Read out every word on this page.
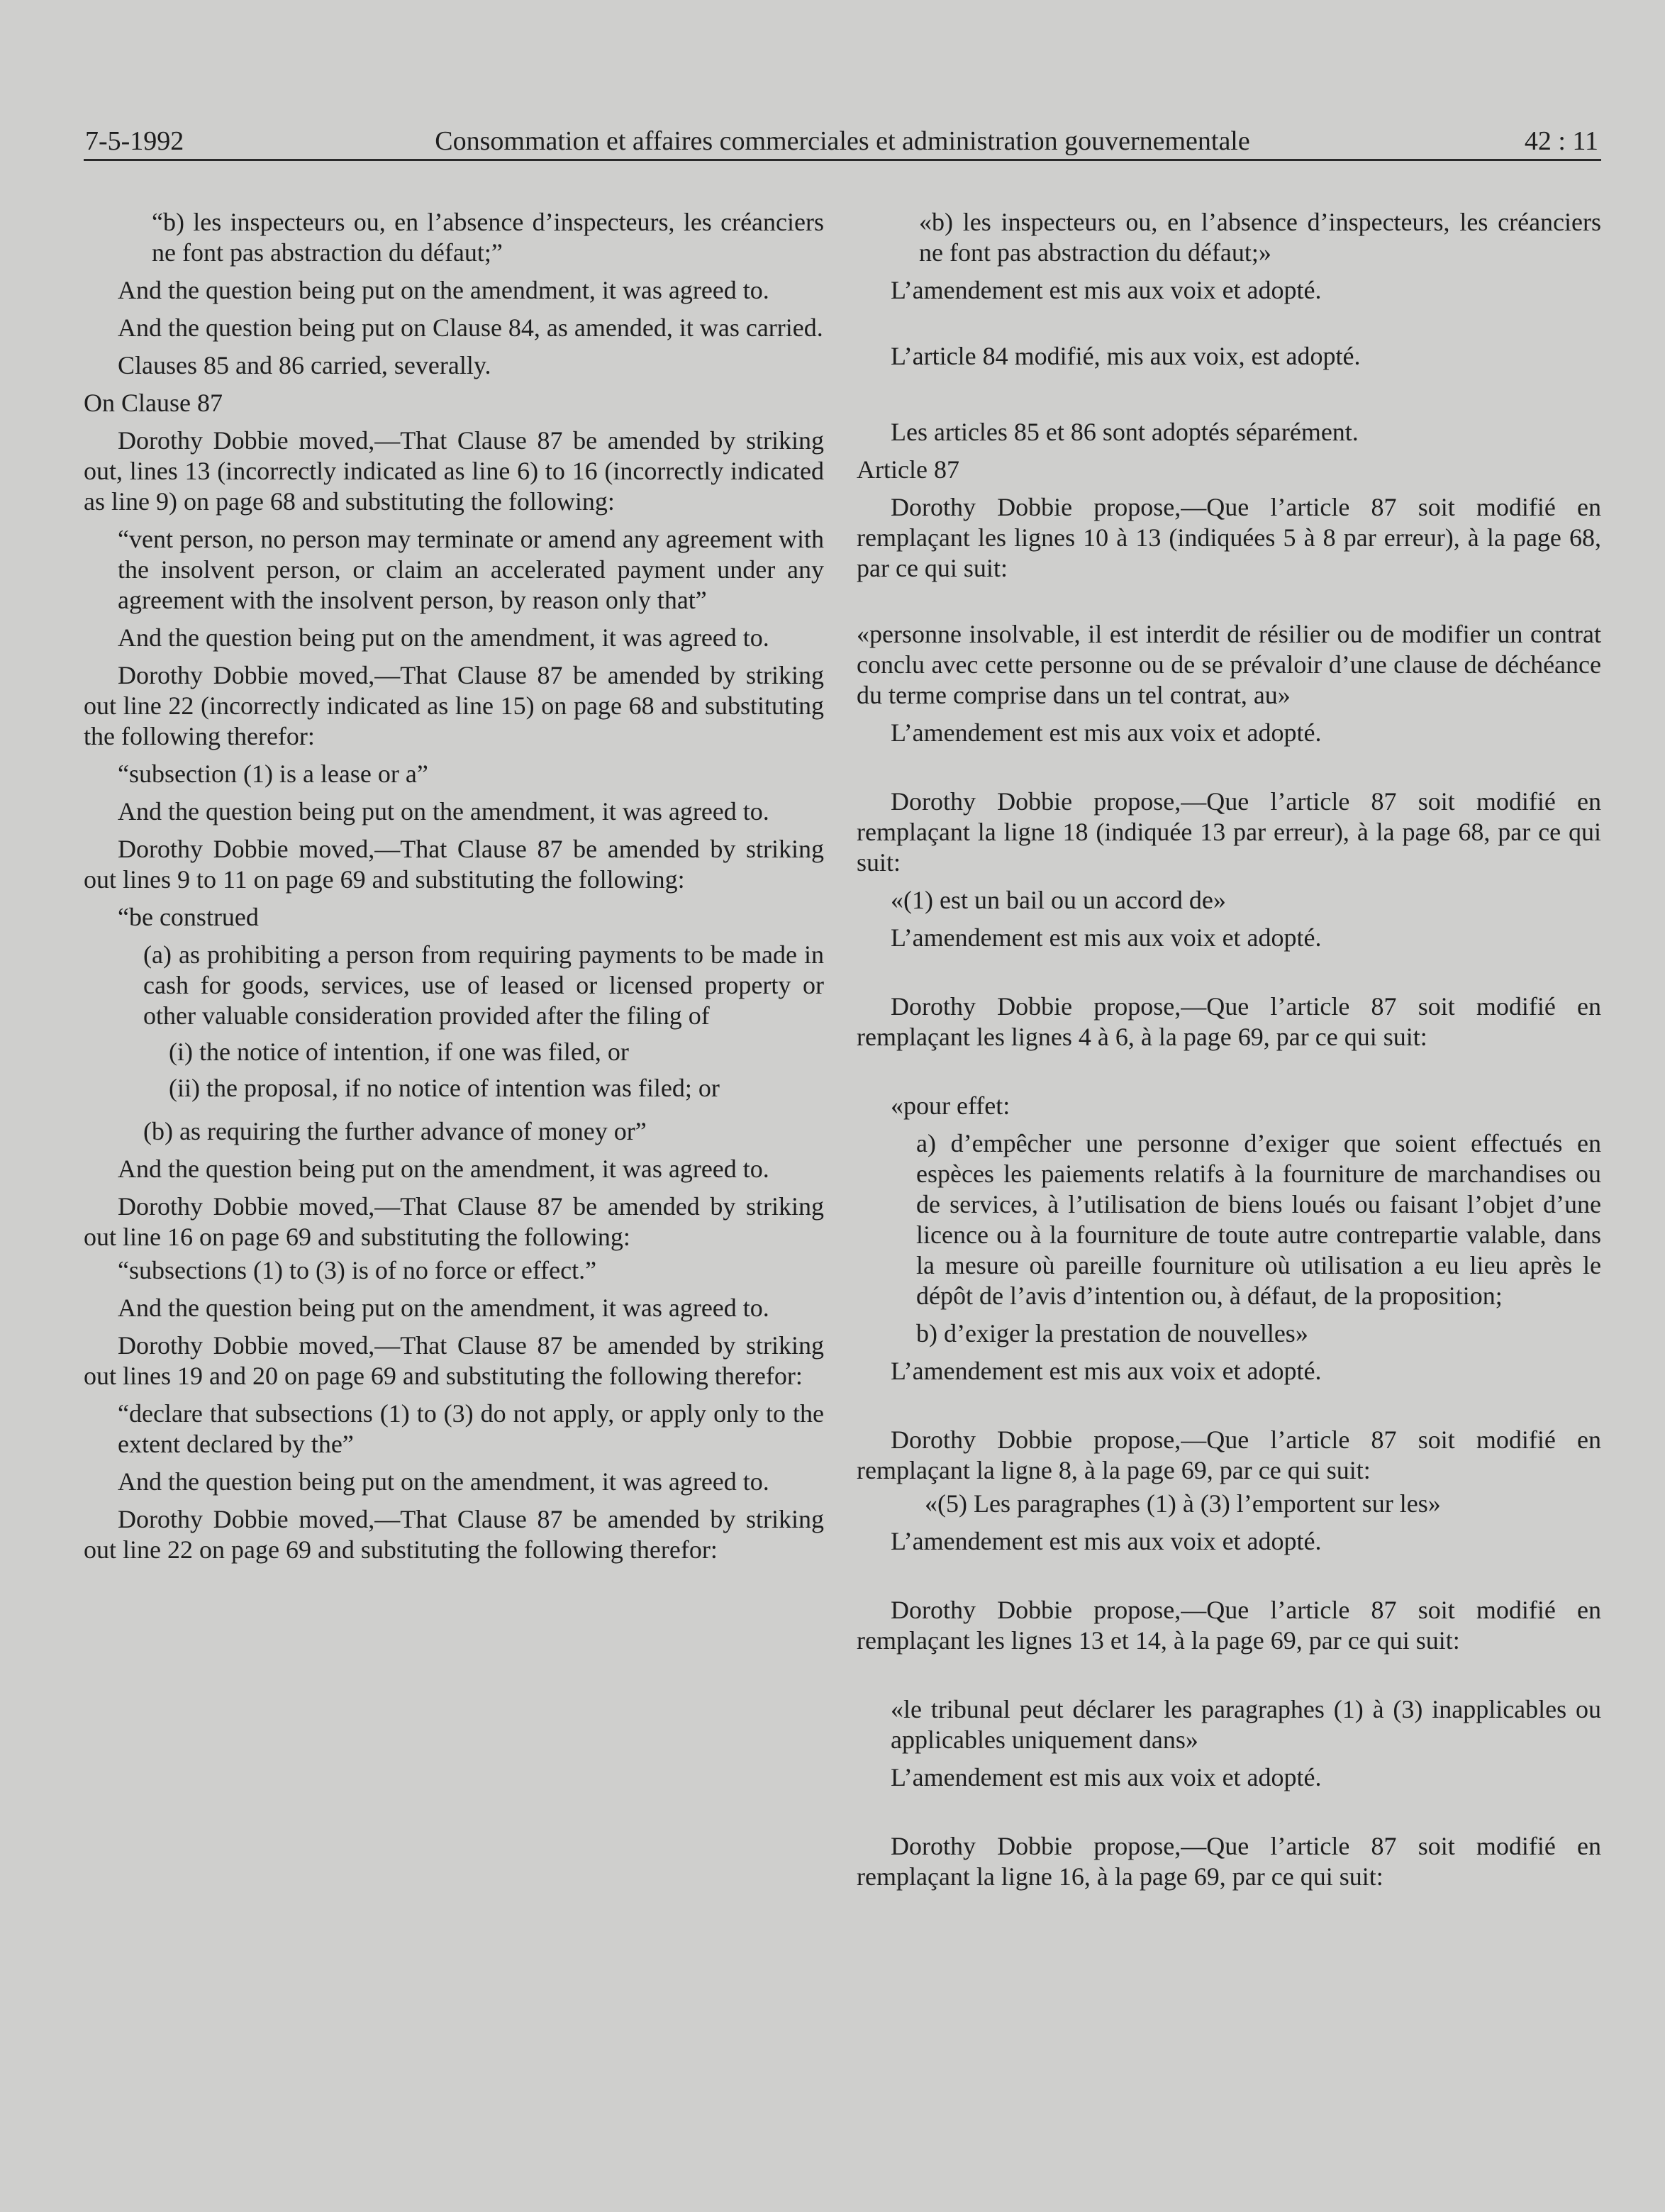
7-5-1992	Consommation et affaires commerciales et administration gouvernementale	42 : 11

“b) les inspecteurs ou, en l’absence d’inspecteurs, les créanciers ne font pas abstraction du défaut;”

And the question being put on the amendment, it was agreed to.

And the question being put on Clause 84, as amended, it was carried.

Clauses 85 and 86 carried, severally.

On Clause 87

Dorothy Dobbie moved,—That Clause 87 be amended by striking out, lines 13 (incorrectly indicated as line 6) to 16 (incorrectly indicated as line 9) on page 68 and substituting the following:

“vent person, no person may terminate or amend any agreement with the insolvent person, or claim an accelerated payment under any agreement with the insolvent person, by reason only that”

And the question being put on the amendment, it was agreed to.

Dorothy Dobbie moved,—That Clause 87 be amended by striking out line 22 (incorrectly indicated as line 15) on page 68 and substituting the following therefor:

“subsection (1) is a lease or a”

And the question being put on the amendment, it was agreed to.

Dorothy Dobbie moved,—That Clause 87 be amended by striking out lines 9 to 11 on page 69 and substituting the following:

“be construed

(a) as prohibiting a person from requiring payments to be made in cash for goods, services, use of leased or licensed property or other valuable consideration provided after the filing of

(i) the notice of intention, if one was filed, or

(ii) the proposal, if no notice of intention was filed; or

(b) as requiring the further advance of money or”

And the question being put on the amendment, it was agreed to.

Dorothy Dobbie moved,—That Clause 87 be amended by striking out line 16 on page 69 and substituting the following:

“subsections (1) to (3) is of no force or effect.”

And the question being put on the amendment, it was agreed to.

Dorothy Dobbie moved,—That Clause 87 be amended by striking out lines 19 and 20 on page 69 and substituting the following therefor:

“declare that subsections (1) to (3) do not apply, or apply only to the extent declared by the”

And the question being put on the amendment, it was agreed to.

Dorothy Dobbie moved,—That Clause 87 be amended by striking out line 22 on page 69 and substituting the following therefor:

«b) les inspecteurs ou, en l’absence d’inspecteurs, les créanciers ne font pas abstraction du défaut;»

L’amendement est mis aux voix et adopté.

L’article 84 modifié, mis aux voix, est adopté.

Les articles 85 et 86 sont adoptés séparément.

Article 87

Dorothy Dobbie propose,—Que l’article 87 soit modifié en remplaçant les lignes 10 à 13 (indiquées 5 à 8 par erreur), à la page 68, par ce qui suit:

«personne insolvable, il est interdit de résilier ou de modifier un contrat conclu avec cette personne ou de se prévaloir d’une clause de déchéance du terme comprise dans un tel contrat, au»

L’amendement est mis aux voix et adopté.

Dorothy Dobbie propose,—Que l’article 87 soit modifié en remplaçant la ligne 18 (indiquée 13 par erreur), à la page 68, par ce qui suit:

«(1) est un bail ou un accord de»

L’amendement est mis aux voix et adopté.

Dorothy Dobbie propose,—Que l’article 87 soit modifié en remplaçant les lignes 4 à 6, à la page 69, par ce qui suit:

«pour effet:

a) d’empêcher une personne d’exiger que soient effectués en espèces les paiements relatifs à la fourniture de marchandises ou de services, à l’utilisation de biens loués ou faisant l’objet d’une licence ou à la fourniture de toute autre contrepartie valable, dans la mesure où pareille fourniture où utilisation a eu lieu après le dépôt de l’avis d’intention ou, à défaut, de la proposition;

b) d’exiger la prestation de nouvelles»

L’amendement est mis aux voix et adopté.

Dorothy Dobbie propose,—Que l’article 87 soit modifié en remplaçant la ligne 8, à la page 69, par ce qui suit:

«(5) Les paragraphes (1) à (3) l’emportent sur les»

L’amendement est mis aux voix et adopté.

Dorothy Dobbie propose,—Que l’article 87 soit modifié en remplaçant les lignes 13 et 14, à la page 69, par ce qui suit:

«le tribunal peut déclarer les paragraphes (1) à (3) inapplicables ou applicables uniquement dans»

L’amendement est mis aux voix et adopté.

Dorothy Dobbie propose,—Que l’article 87 soit modifié en remplaçant la ligne 16, à la page 69, par ce qui suit:
